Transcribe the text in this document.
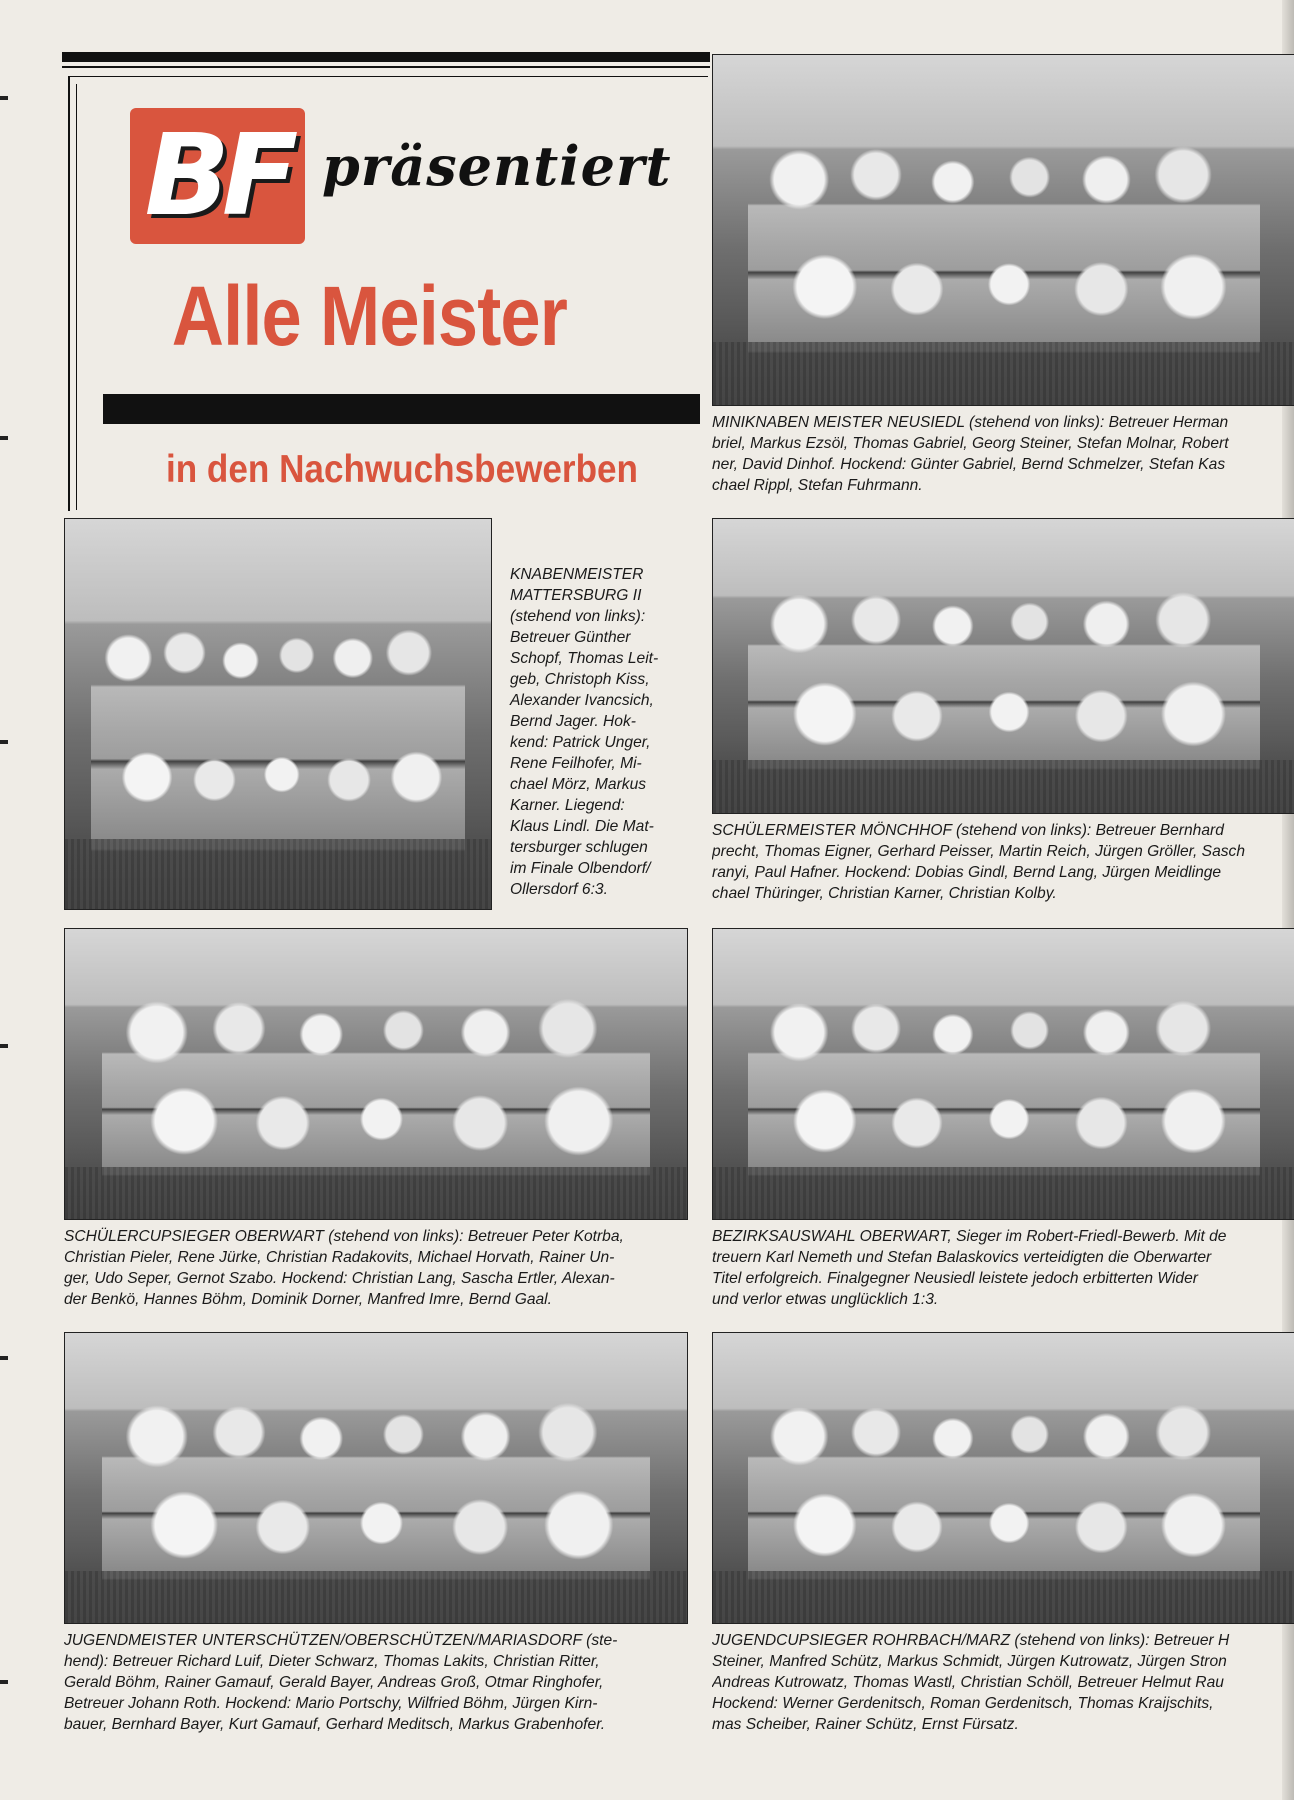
BF präsentiert
Alle Meister
in den Nachwuchsbewerben
MINIKNABEN MEISTER NEUSIEDL (stehend von links): Betreuer Herman
briel, Markus Ezsöl, Thomas Gabriel, Georg Steiner, Stefan Molnar, Robert
ner, David Dinhof. Hockend: Günter Gabriel, Bernd Schmelzer, Stefan Kas
chael Rippl, Stefan Fuhrmann.
KNABENMEISTER
MATTERSBURG II
(stehend von links):
Betreuer Günther
Schopf, Thomas Leit-
geb, Christoph Kiss,
Alexander Ivancsich,
Bernd Jager. Hok-
kend: Patrick Unger,
Rene Feilhofer, Mi-
chael Mörz, Markus
Karner. Liegend:
Klaus Lindl. Die Mat-
tersburger schlugen
im Finale Olbendorf/
Ollersdorf 6:3.
SCHÜLERMEISTER MÖNCHHOF (stehend von links): Betreuer Bernhard
precht, Thomas Eigner, Gerhard Peisser, Martin Reich, Jürgen Gröller, Sasch
ranyi, Paul Hafner. Hockend: Dobias Gindl, Bernd Lang, Jürgen Meidlinge
chael Thüringer, Christian Karner, Christian Kolby.
SCHÜLERCUPSIEGER OBERWART (stehend von links): Betreuer Peter Kotrba,
Christian Pieler, Rene Jürke, Christian Radakovits, Michael Horvath, Rainer Un-
ger, Udo Seper, Gernot Szabo. Hockend: Christian Lang, Sascha Ertler, Alexan-
der Benkö, Hannes Böhm, Dominik Dorner, Manfred Imre, Bernd Gaal.
BEZIRKSAUSWAHL OBERWART, Sieger im Robert-Friedl-Bewerb. Mit de
treuern Karl Nemeth und Stefan Balaskovics verteidigten die Oberwarter
Titel erfolgreich. Finalgegner Neusiedl leistete jedoch erbitterten Wider
und verlor etwas unglücklich 1:3.
JUGENDMEISTER UNTERSCHÜTZEN/OBERSCHÜTZEN/MARIASDORF (ste-
hend): Betreuer Richard Luif, Dieter Schwarz, Thomas Lakits, Christian Ritter,
Gerald Böhm, Rainer Gamauf, Gerald Bayer, Andreas Groß, Otmar Ringhofer,
Betreuer Johann Roth. Hockend: Mario Portschy, Wilfried Böhm, Jürgen Kirn-
bauer, Bernhard Bayer, Kurt Gamauf, Gerhard Meditsch, Markus Grabenhofer.
JUGENDCUPSIEGER ROHRBACH/MARZ (stehend von links): Betreuer H
Steiner, Manfred Schütz, Markus Schmidt, Jürgen Kutrowatz, Jürgen Stron
Andreas Kutrowatz, Thomas Wastl, Christian Schöll, Betreuer Helmut Rau
Hockend: Werner Gerdenitsch, Roman Gerdenitsch, Thomas Kraijschits,
mas Scheiber, Rainer Schütz, Ernst Fürsatz.
